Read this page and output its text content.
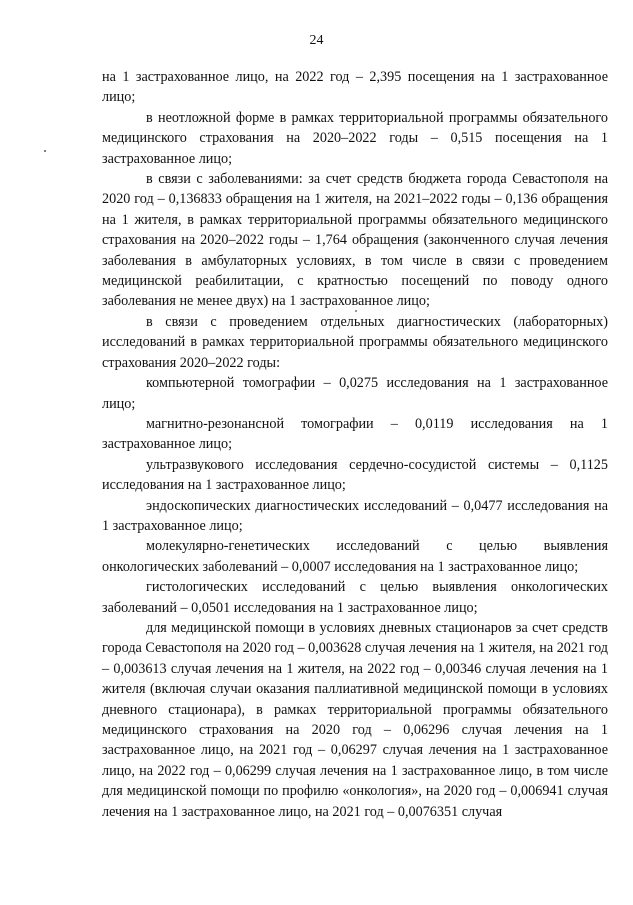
24

на 1 застрахованное лицо, на 2022 год – 2,395 посещения на 1 застрахованное лицо;

в неотложной форме в рамках территориальной программы обязательного медицинского страхования на 2020–2022 годы – 0,515 посещения на 1 застрахованное лицо;

в связи с заболеваниями: за счет средств бюджета города Севастополя на 2020 год – 0,136833 обращения на 1 жителя, на 2021–2022 годы – 0,136 обращения на 1 жителя, в рамках территориальной программы обязательного медицинского страхования на 2020–2022 годы – 1,764 обращения (законченного случая лечения заболевания в амбулаторных условиях, в том числе в связи с проведением медицинской реабилитации, с кратностью посещений по поводу одного заболевания не менее двух) на 1 застрахованное лицо;

в связи с проведением отдельных диагностических (лабораторных) исследований в рамках территориальной программы обязательного медицинского страхования 2020–2022 годы:

компьютерной томографии – 0,0275 исследования на 1 застрахованное лицо;

магнитно-резонансной томографии – 0,0119 исследования на 1 застрахованное лицо;

ультразвукового исследования сердечно-сосудистой системы – 0,1125 исследования на 1 застрахованное лицо;

эндоскопических диагностических исследований – 0,0477 исследования на 1 застрахованное лицо;

молекулярно-генетических исследований с целью выявления онкологических заболеваний – 0,0007 исследования на 1 застрахованное лицо;

гистологических исследований с целью выявления онкологических заболеваний – 0,0501 исследования на 1 застрахованное лицо;

для медицинской помощи в условиях дневных стационаров за счет средств города Севастополя на 2020 год – 0,003628 случая лечения на 1 жителя, на 2021 год – 0,003613 случая лечения на 1 жителя, на 2022 год – 0,00346 случая лечения на 1 жителя (включая случаи оказания паллиативной медицинской помощи в условиях дневного стационара), в рамках территориальной программы обязательного медицинского страхования на 2020 год – 0,06296 случая лечения на 1 застрахованное лицо, на 2021 год – 0,06297 случая лечения на 1 застрахованное лицо, на 2022 год – 0,06299 случая лечения на 1 застрахованное лицо, в том числе для медицинской помощи по профилю «онкология», на 2020 год – 0,006941 случая лечения на 1 застрахованное лицо, на 2021 год – 0,0076351 случая
